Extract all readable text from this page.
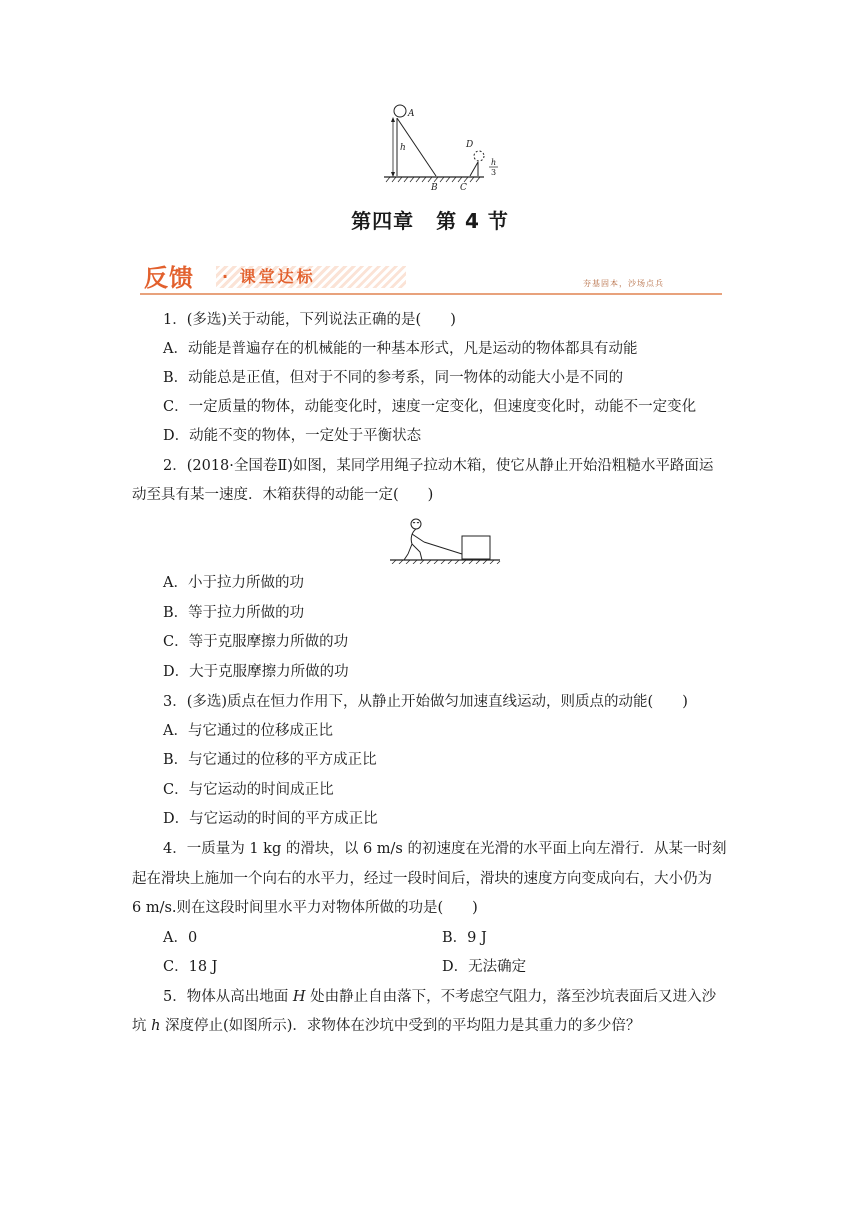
A
h	D
B C
h
3
第四章 第 4 节
反馈 · 课堂达标	夯基固本，沙场点兵
1．(多选)关于动能，下列说法正确的是(　　)
A．动能是普遍存在的机械能的一种基本形式，凡是运动的物体都具有动能
B．动能总是正值，但对于不同的参考系，同一物体的动能大小是不同的
C．一定质量的物体，动能变化时，速度一定变化，但速度变化时，动能不一定变化
D．动能不变的物体，一定处于平衡状态
2．(2018·全国卷Ⅱ)如图，某同学用绳子拉动木箱，使它从静止开始沿粗糙水平路面运
动至具有某一速度．木箱获得的动能一定(　　)
A．小于拉力所做的功
B．等于拉力所做的功
C．等于克服摩擦力所做的功
D．大于克服摩擦力所做的功
3．(多选)质点在恒力作用下，从静止开始做匀加速直线运动，则质点的动能(　　)
A．与它通过的位移成正比
B．与它通过的位移的平方成正比
C．与它运动的时间成正比
D．与它运动的时间的平方成正比
4．一质量为 1 kg 的滑块，以 6 m/s 的初速度在光滑的水平面上向左滑行．从某一时刻
起在滑块上施加一个向右的水平力，经过一段时间后，滑块的速度方向变成向右，大小仍为
6 m/s.则在这段时间里水平力对物体所做的功是(　　)
A．0	B．9 J
C．18 J	D．无法确定
5．物体从高出地面 H 处由静止自由落下，不考虑空气阻力，落至沙坑表面后又进入沙
坑 h 深度停止(如图所示)．求物体在沙坑中受到的平均阻力是其重力的多少倍？
